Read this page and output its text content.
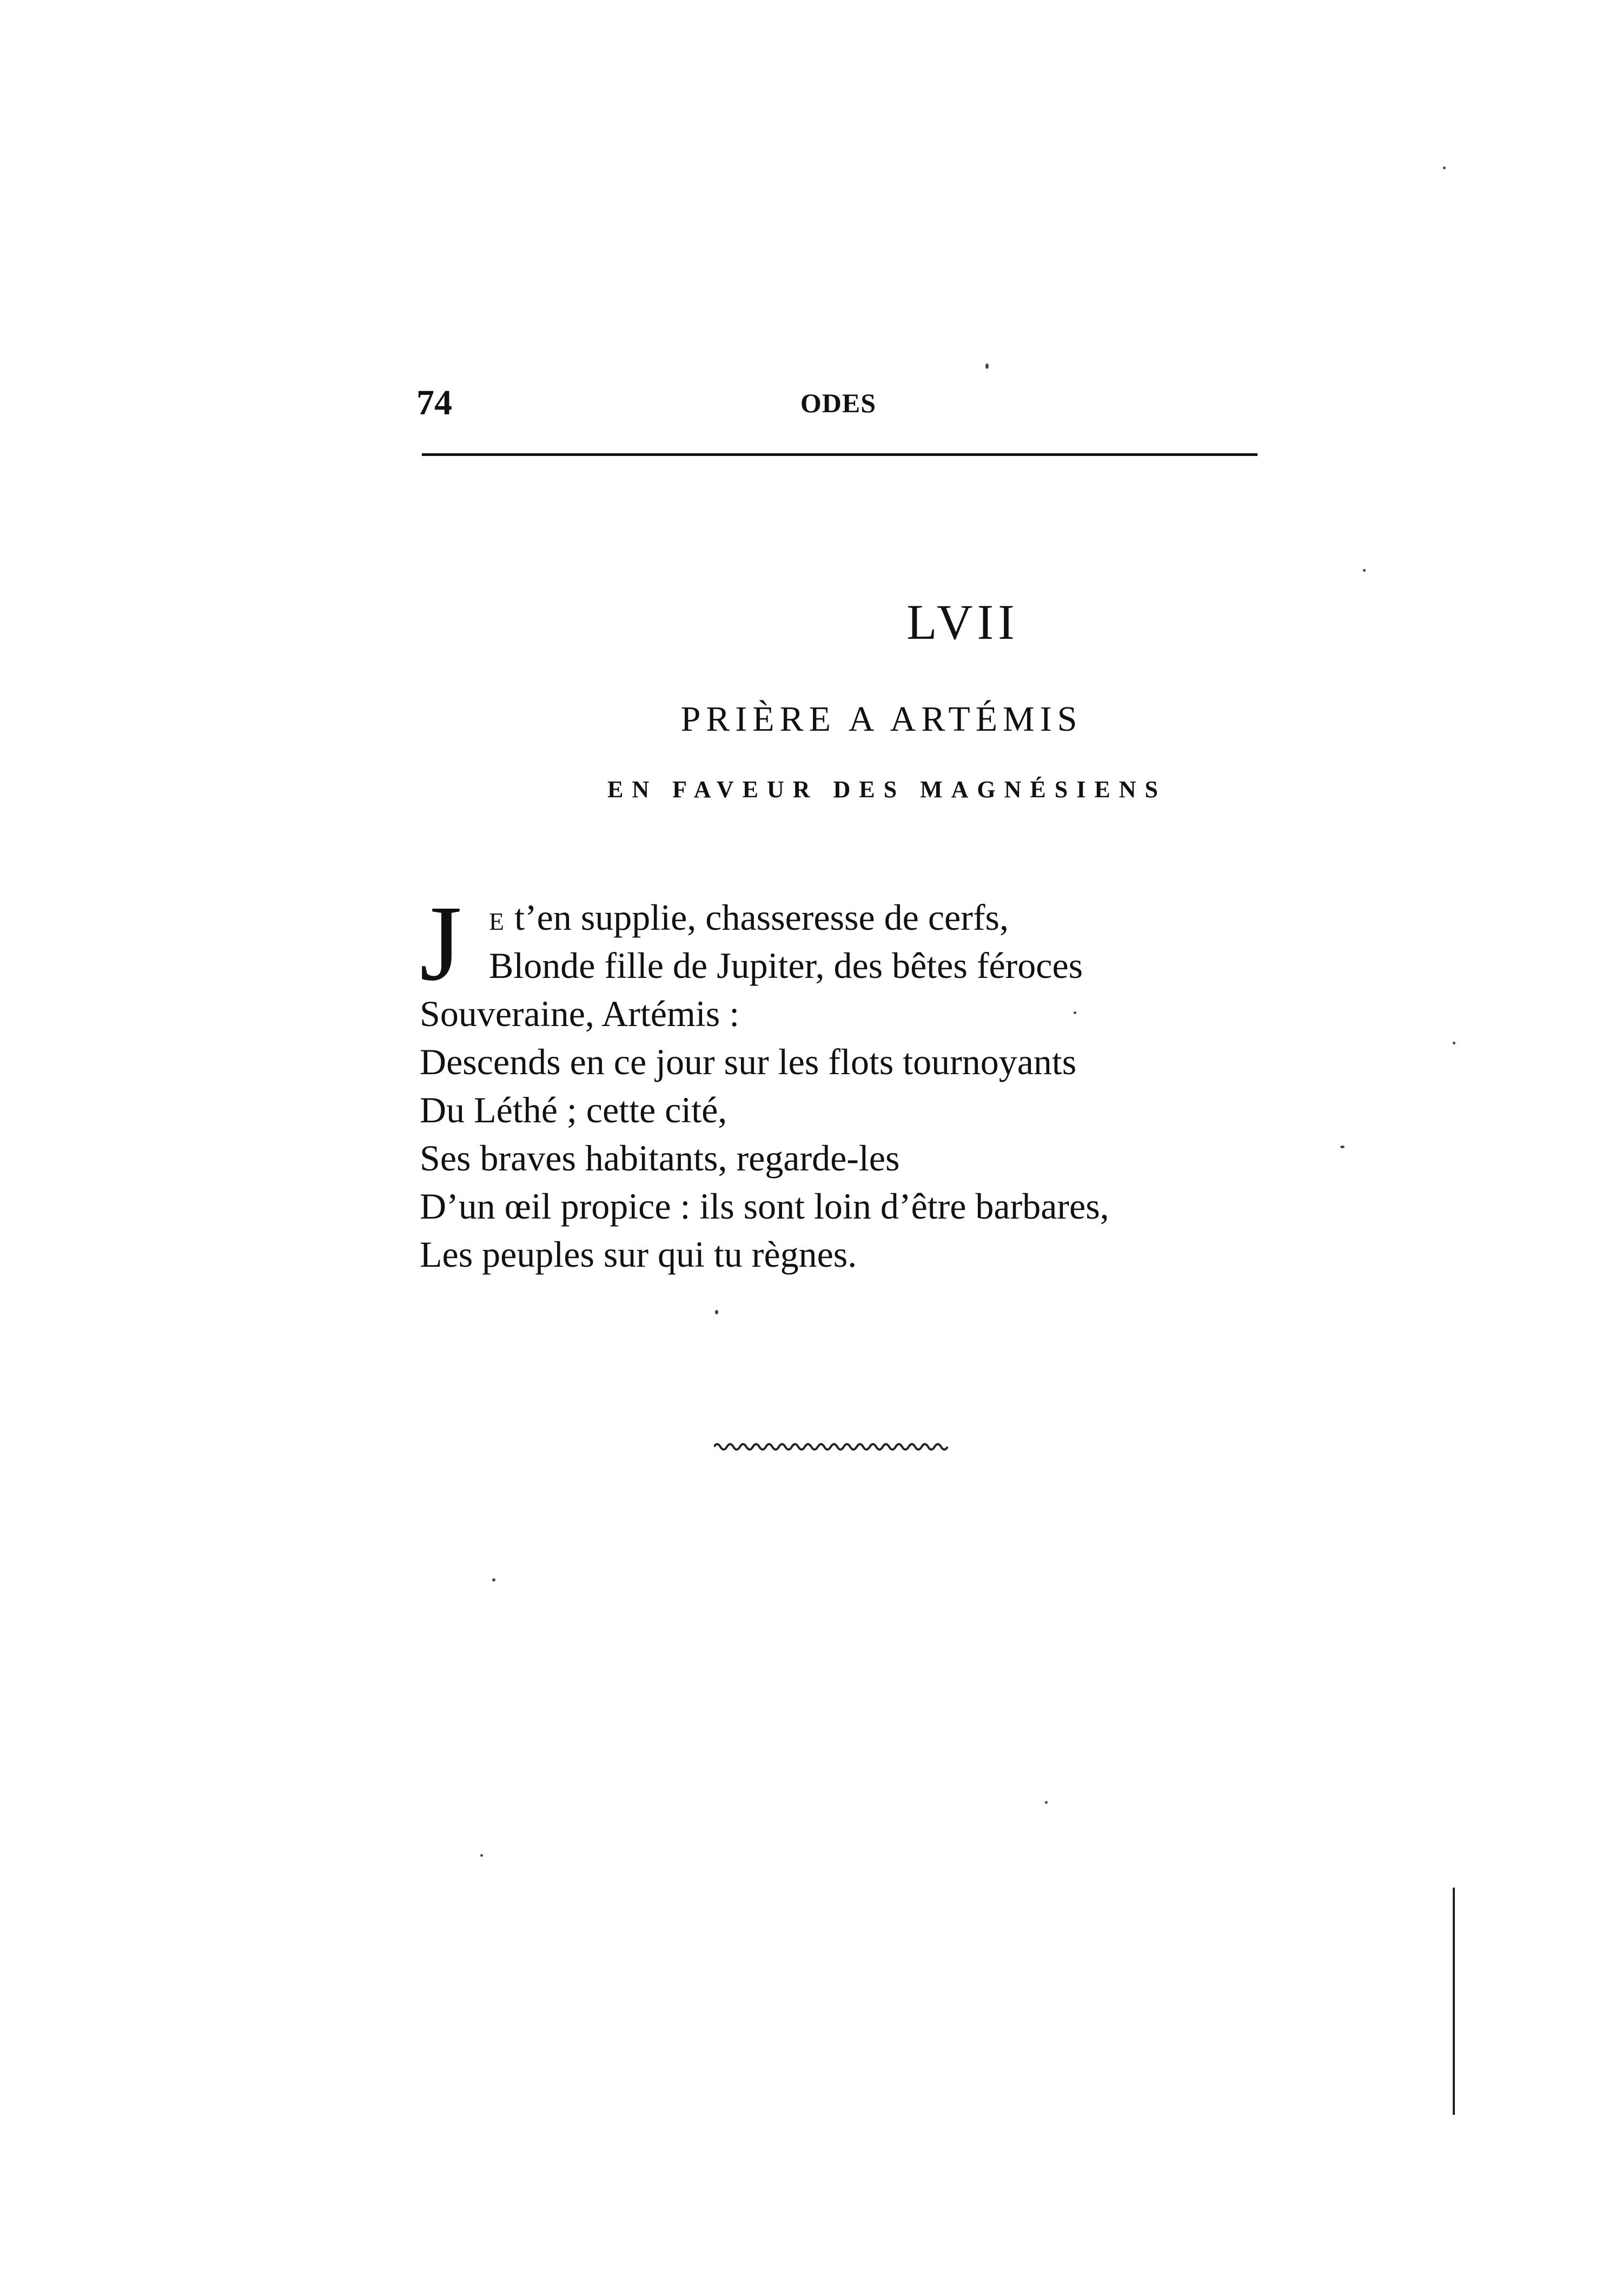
74	ODES
LVII
PRIÈRE A ARTÉMIS
EN FAVEUR DES MAGNÉSIENS
J	E t’en supplie, chasseresse de cerfs,
Blonde fille de Jupiter, des bêtes féroces
Souveraine, Artémis :
Descends en ce jour sur les flots tournoyants
Du Léthé ; cette cité,
Ses braves habitants, regarde-les
D’un œil propice : ils sont loin d’être barbares,
Les peuples sur qui tu règnes.
